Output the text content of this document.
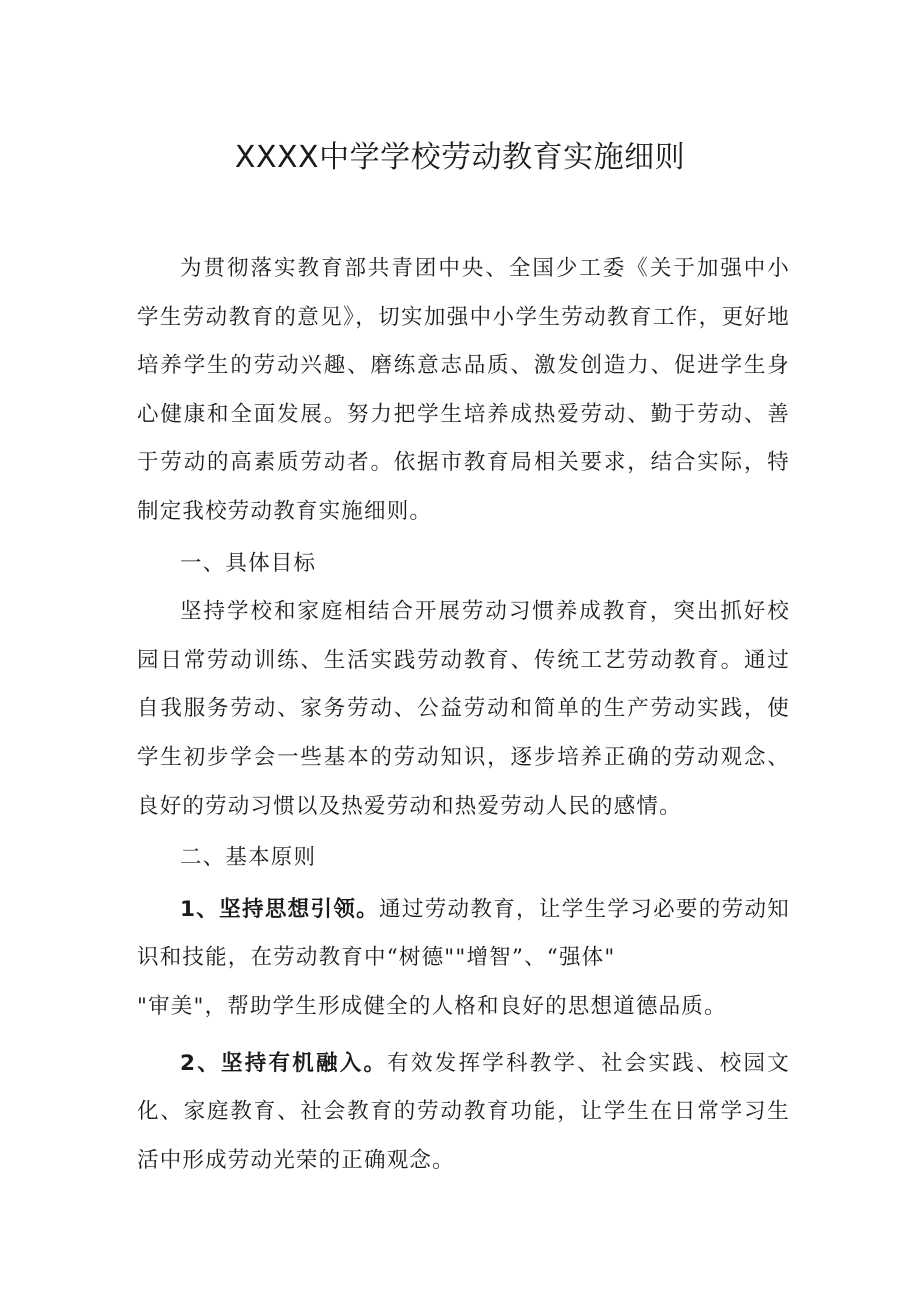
XXXX中学学校劳动教育实施细则

为贯彻落实教育部共青团中央、全国少工委《关于加强中小学生劳动教育的意见》，切实加强中小学生劳动教育工作，更好地培养学生的劳动兴趣、磨练意志品质、激发创造力、促进学生身心健康和全面发展。努力把学生培养成热爱劳动、勤于劳动、善于劳动的高素质劳动者。依据市教育局相关要求，结合实际，特制定我校劳动教育实施细则。

一、具体目标

坚持学校和家庭相结合开展劳动习惯养成教育，突出抓好校园日常劳动训练、生活实践劳动教育、传统工艺劳动教育。通过自我服务劳动、家务劳动、公益劳动和简单的生产劳动实践，使学生初步学会一些基本的劳动知识，逐步培养正确的劳动观念、良好的劳动习惯以及热爱劳动和热爱劳动人民的感情。

二、基本原则

1、坚持思想引领。通过劳动教育，让学生学习必要的劳动知识和技能，在劳动教育中“树德""增智”、“强体"

"审美"，帮助学生形成健全的人格和良好的思想道德品质。

2、坚持有机融入。有效发挥学科教学、社会实践、校园文化、家庭教育、社会教育的劳动教育功能，让学生在日常学习生活中形成劳动光荣的正确观念。
